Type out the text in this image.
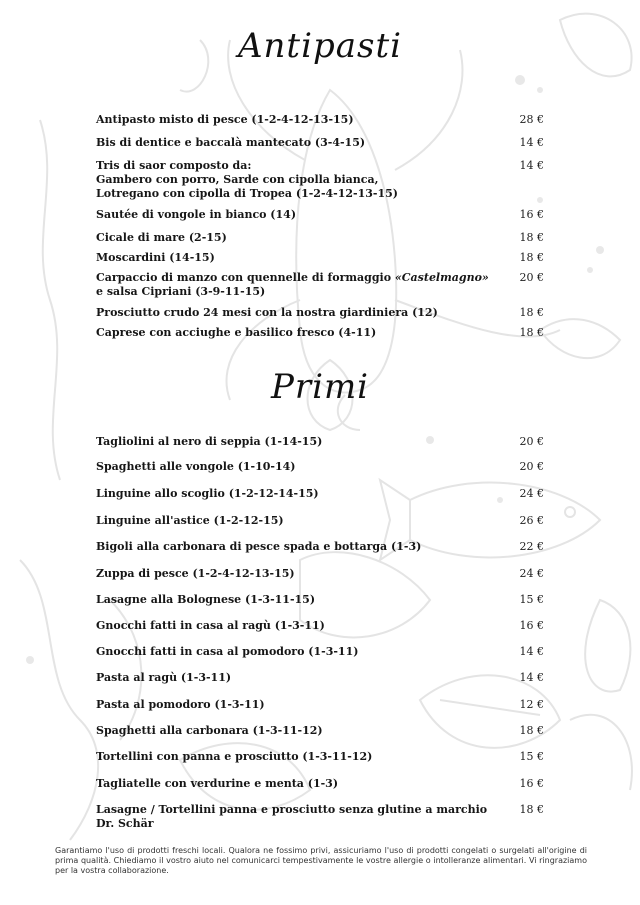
Antipasti
Antipasto misto di pesce (1-2-4-12-13-15)	28 €
Bis di dentice e baccalà mantecato (3-4-15)	14 €
Tris di saor composto da:
Gambero con porro, Sarde con cipolla bianca,
Lotregano con cipolla di Tropea (1-2-4-12-13-15)
14 €
Sautée di vongole in bianco (14)	16 €
Cicale di mare (2-15)	18 €
Moscardini (14-15)	18 €
Carpaccio di manzo con quennelle di formaggio «Castelmagno»
e salsa Cipriani (3-9-11-15)
20 €
Prosciutto crudo 24 mesi con la nostra giardiniera (12)	18 €
Caprese con acciughe e basilico fresco (4-11)	18 €
Primi
Tagliolini al nero di seppia (1-14-15)	20 €
Spaghetti alle vongole (1-10-14)	20 €
Linguine allo scoglio (1-2-12-14-15)	24 €
Linguine all'astice (1-2-12-15)	26 €
Bigoli alla carbonara di pesce spada e bottarga (1-3)	22 €
Zuppa di pesce (1-2-4-12-13-15)	24 €
Lasagne alla Bolognese (1-3-11-15)	15 €
Gnocchi fatti in casa al ragù (1-3-11)	16 €
Gnocchi fatti in casa al pomodoro (1-3-11)	14 €
Pasta al ragù (1-3-11)	14 €
Pasta al pomodoro (1-3-11)	12 €
Spaghetti alla carbonara (1-3-11-12)	18 €
Tortellini con panna e prosciutto (1-3-11-12)	15 €
Tagliatelle con verdurine e menta (1-3)	16 €
Lasagne / Tortellini panna e prosciutto senza glutine a marchio Dr. Schär
18 €
Garantiamo l'uso di prodotti freschi locali. Qualora ne fossimo privi, assicuriamo l'uso di prodotti congelati o surgelati all'origine di prima qualità. Chiediamo il vostro aiuto nel comunicarci tempestivamente le vostre allergie o intolleranze alimentari. Vi ringraziamo per la vostra collaborazione.
